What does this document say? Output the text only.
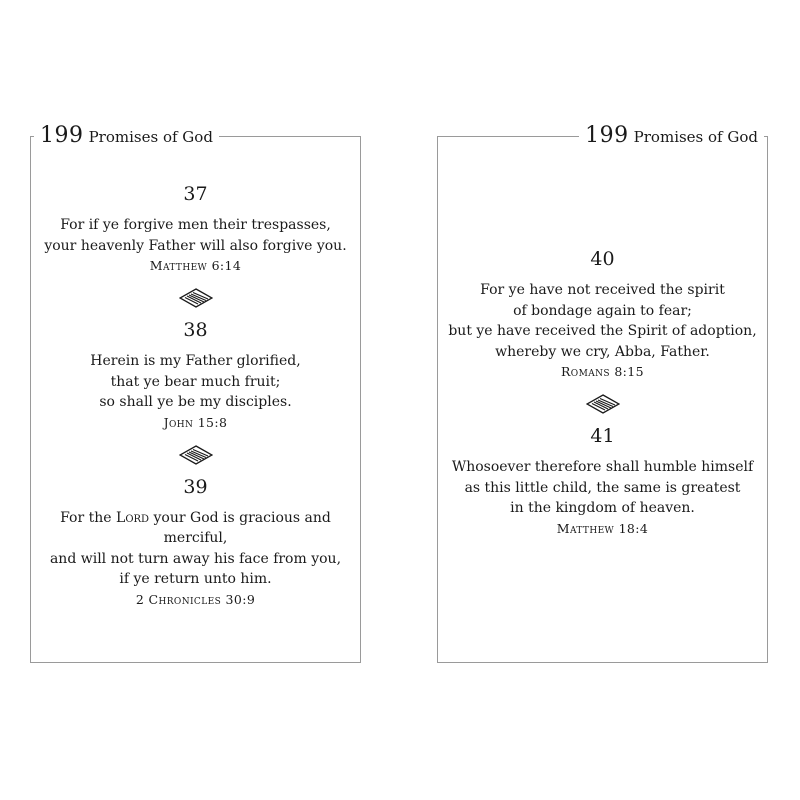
199 Promises of God
37
For if ye forgive men their trespasses,
your heavenly Father will also forgive you.
Matthew 6:14
38
Herein is my Father glorified,
that ye bear much fruit;
so shall ye be my disciples.
John 15:8
39
For the Lord your God is gracious and merciful,
and will not turn away his face from you,
if ye return unto him.
2 Chronicles 30:9
199 Promises of God
40
For ye have not received the spirit
of bondage again to fear;
but ye have received the Spirit of adoption,
whereby we cry, Abba, Father.
Romans 8:15
41
Whosoever therefore shall humble himself
as this little child, the same is greatest
in the kingdom of heaven.
Matthew 18:4
